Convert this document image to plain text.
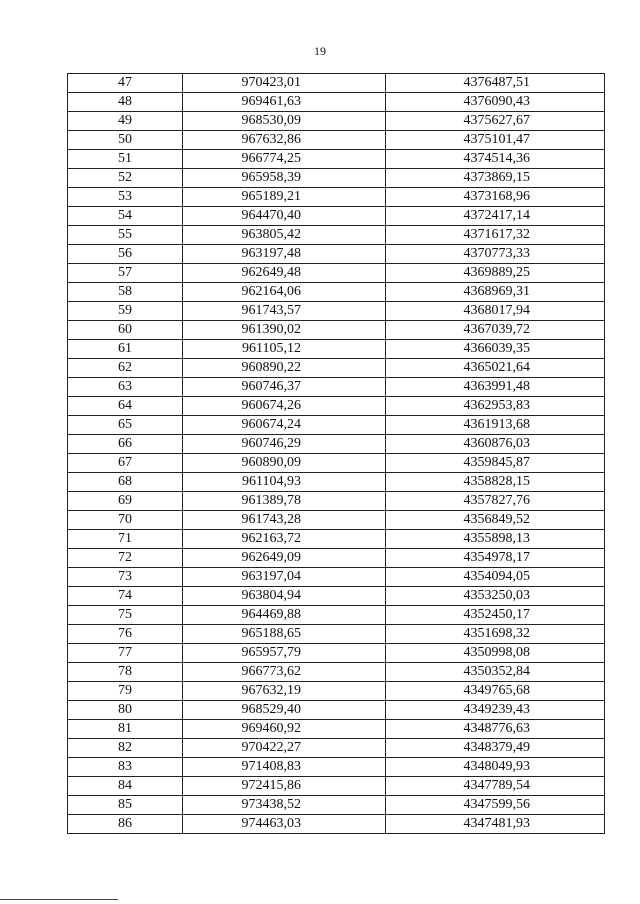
19
47	970423,01	4376487,51
48	969461,63	4376090,43
49	968530,09	4375627,67
50	967632,86	4375101,47
51	966774,25	4374514,36
52	965958,39	4373869,15
53	965189,21	4373168,96
54	964470,40	4372417,14
55	963805,42	4371617,32
56	963197,48	4370773,33
57	962649,48	4369889,25
58	962164,06	4368969,31
59	961743,57	4368017,94
60	961390,02	4367039,72
61	961105,12	4366039,35
62	960890,22	4365021,64
63	960746,37	4363991,48
64	960674,26	4362953,83
65	960674,24	4361913,68
66	960746,29	4360876,03
67	960890,09	4359845,87
68	961104,93	4358828,15
69	961389,78	4357827,76
70	961743,28	4356849,52
71	962163,72	4355898,13
72	962649,09	4354978,17
73	963197,04	4354094,05
74	963804,94	4353250,03
75	964469,88	4352450,17
76	965188,65	4351698,32
77	965957,79	4350998,08
78	966773,62	4350352,84
79	967632,19	4349765,68
80	968529,40	4349239,43
81	969460,92	4348776,63
82	970422,27	4348379,49
83	971408,83	4348049,93
84	972415,86	4347789,54
85	973438,52	4347599,56
86	974463,03	4347481,93
